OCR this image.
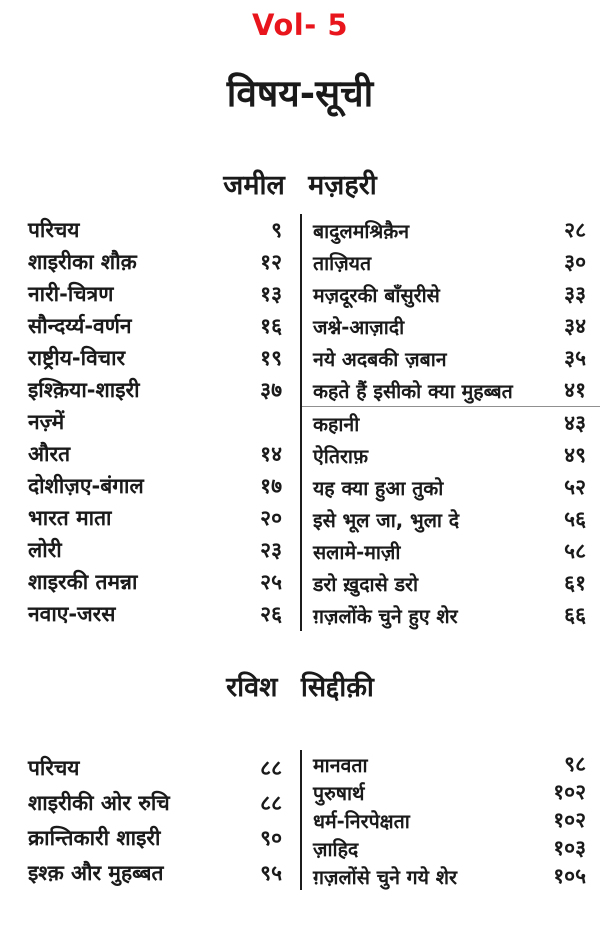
Vol- 5
विषय-सूची
जमील मज़हरी
परिचय	९
शाइरीका शौक़	१२
नारी-चित्रण	१३
सौन्दर्य्य-वर्णन	१६
राष्ट्रीय-विचार	१९
इश्क़िया-शाइरी	३७
नज़्में
औरत	१४
दोशीज़ए-बंगाल	१७
भारत माता	२०
लोरी	२३
शाइरकी तमन्ना	२५
नवाए-जरस	२६
बादुलमश्रिक़ैन	२८
ताज़ियत	३०
मज़दूरकी बाँसुरीसे	३३
जश्ने-आज़ादी	३४
नये अदबकी ज़बान	३५
कहते हैं इसीको क्या मुहब्बत ४१
कहानी	४३
ऐतिराफ़	४९
यह क्या हुआ तुको	५२
इसे भूल जा, भुला दे	५६
सलामे-माज़ी	५८
डरो ख़ुदासे डरो	६१
ग़ज़लोंके चुने हुए शेर	६६
रविश सिद्दीक़ी
परिचय	८८
शाइरीकी ओर रुचि	८८
क्रान्तिकारी शाइरी	९०
इश्क़ और मुहब्बत	९५
मानवता	९८
पुरुषार्थ	१०२
धर्म-निरपेक्षता	१०२
ज़ाहिद	१०३
ग़ज़लोंसे चुने गये शेर	१०५
